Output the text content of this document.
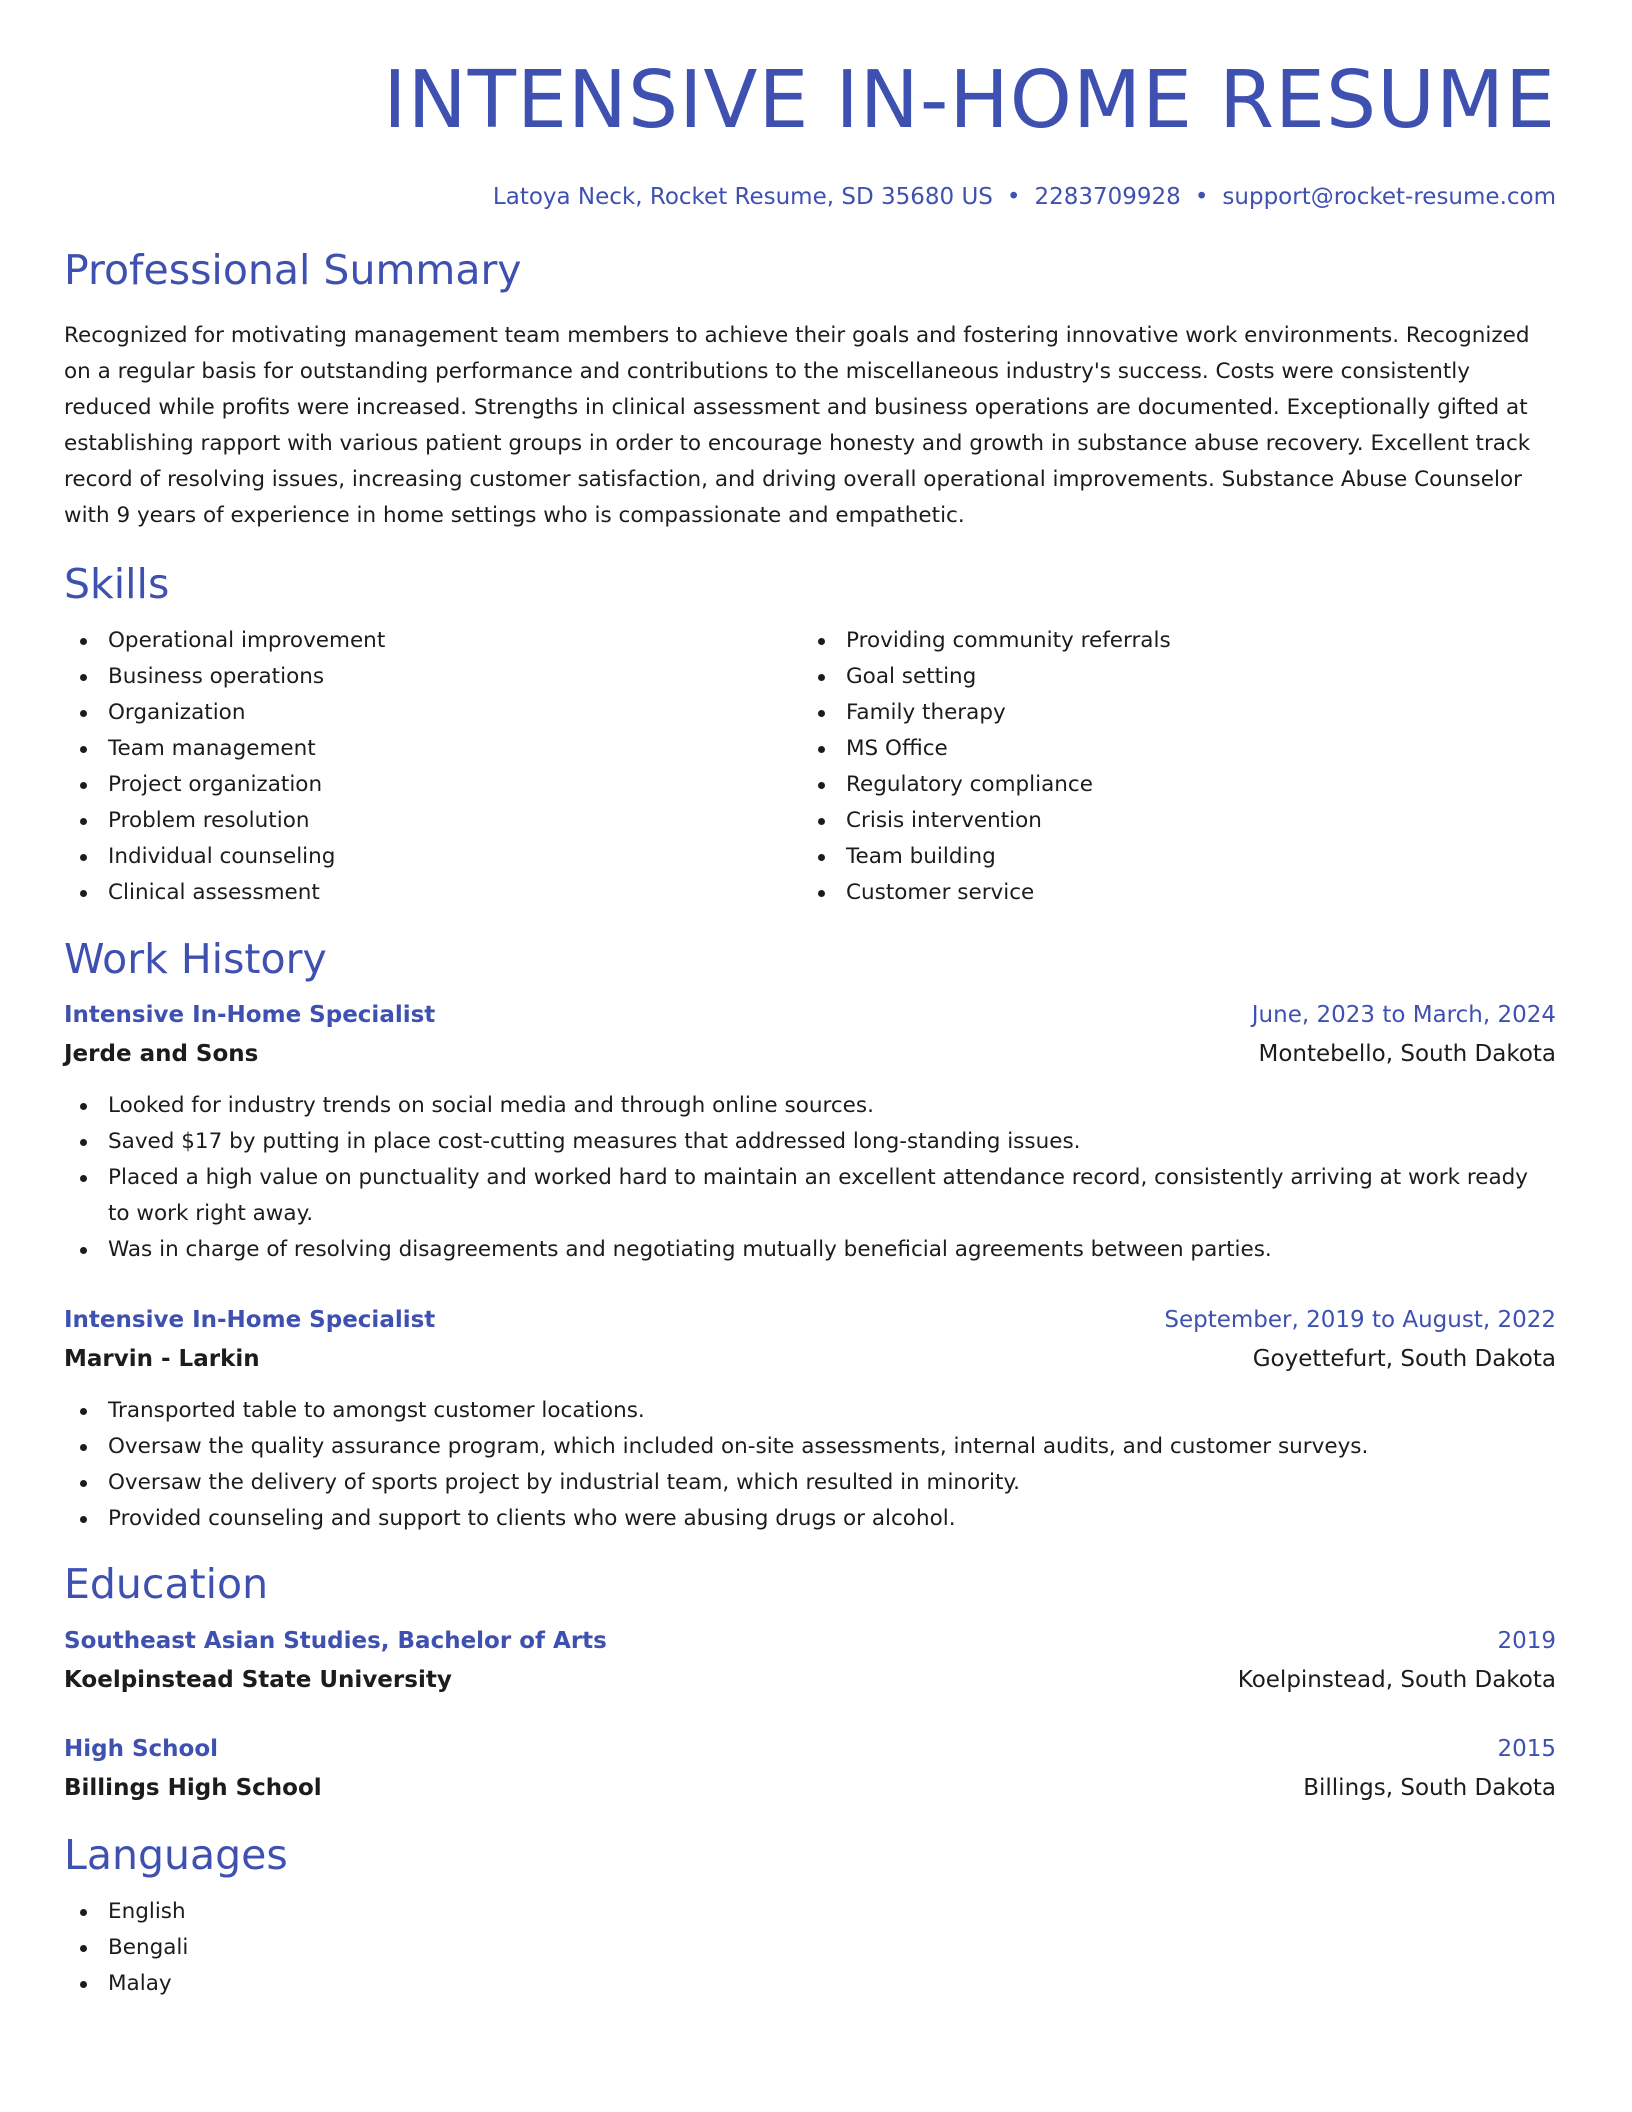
INTENSIVE IN-HOME RESUME
Latoya Neck, Rocket Resume, SD 35680 US • 2283709928 • support@rocket-resume.com
Professional Summary

Recognized for motivating management team members to achieve their goals and fostering innovative work environments. Recognized on a regular basis for outstanding performance and contributions to the miscellaneous industry's success. Costs were consistently reduced while profits were increased. Strengths in clinical assessment and business operations are documented. Exceptionally gifted at establishing rapport with various patient groups in order to encourage honesty and growth in substance abuse recovery. Excellent track record of resolving issues, increasing customer satisfaction, and driving overall operational improvements. Substance Abuse Counselor with 9 years of experience in home settings who is compassionate and empathetic.

Skills
Operational improvement
Business operations
Organization
Team management
Project organization
Problem resolution
Individual counseling
Clinical assessment
Providing community referrals
Goal setting
Family therapy
MS Office
Regulatory compliance
Crisis intervention
Team building
Customer service
Work History
Intensive In-Home Specialist	June, 2023 to March, 2024
Jerde and Sons	Montebello, South Dakota
Looked for industry trends on social media and through online sources.
Saved $17 by putting in place cost-cutting measures that addressed long-standing issues.
Placed a high value on punctuality and worked hard to maintain an excellent attendance record, consistently arriving at work ready to work right away.
Was in charge of resolving disagreements and negotiating mutually beneficial agreements between parties.
Intensive In-Home Specialist	September, 2019 to August, 2022
Marvin - Larkin	Goyettefurt, South Dakota
Transported table to amongst customer locations.
Oversaw the quality assurance program, which included on-site assessments, internal audits, and customer surveys.
Oversaw the delivery of sports project by industrial team, which resulted in minority.
Provided counseling and support to clients who were abusing drugs or alcohol.
Education
Southeast Asian Studies, Bachelor of Arts	2019
Koelpinstead State University	Koelpinstead, South Dakota
High School	2015
Billings High School	Billings, South Dakota
Languages
English
Bengali
Malay
